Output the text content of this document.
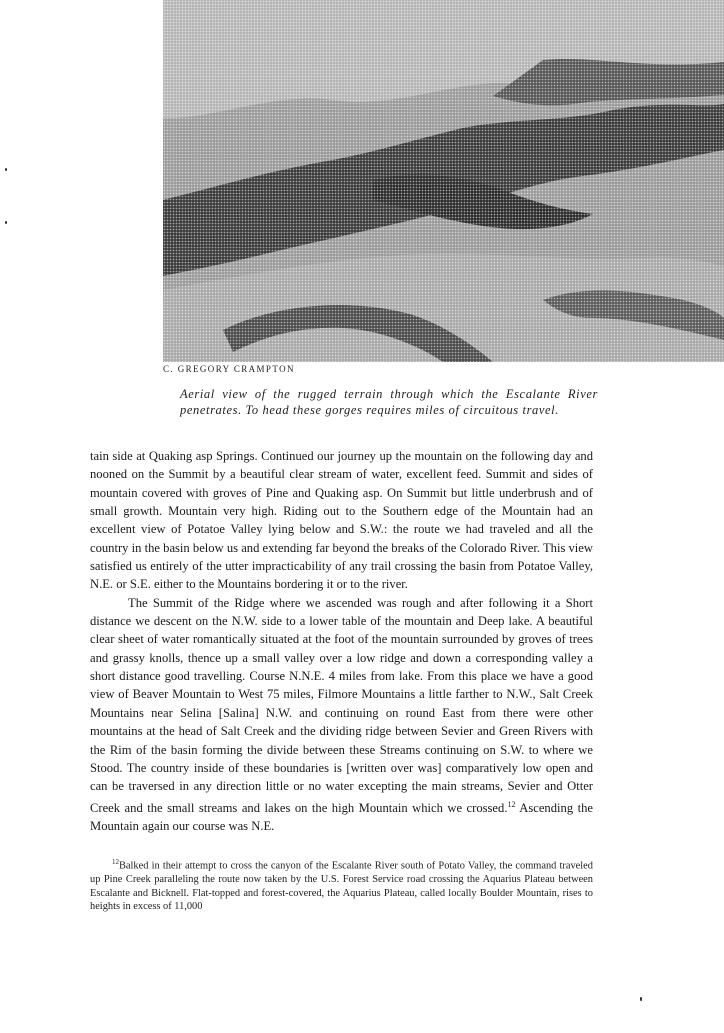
C. GREGORY CRAMPTON
Aerial view of the rugged terrain through which the Escalante River penetrates. To head these gorges requires miles of circuitous travel.

tain side at Quaking asp Springs. Continued our journey up the mountain on the following day and nooned on the Summit by a beautiful clear stream of water, excellent feed. Summit and sides of mountain covered with groves of Pine and Quaking asp. On Summit but little underbrush and of small growth. Mountain very high. Riding out to the Southern edge of the Mountain had an excellent view of Potatoe Valley lying below and S.W.: the route we had traveled and all the country in the basin below us and extending far beyond the breaks of the Colorado River. This view satisfied us entirely of the utter impracticability of any trail crossing the basin from Potatoe Valley, N.E. or S.E. either to the Mountains bordering it or to the river.

The Summit of the Ridge where we ascended was rough and after following it a Short distance we descent on the N.W. side to a lower table of the mountain and Deep lake. A beautiful clear sheet of water romantically situated at the foot of the mountain surrounded by groves of trees and grassy knolls, thence up a small valley over a low ridge and down a corresponding valley a short distance good travelling. Course N.N.E. 4 miles from lake. From this place we have a good view of Beaver Mountain to West 75 miles, Filmore Mountains a little farther to N.W., Salt Creek Mountains near Selina [Salina] N.W. and continuing on round East from there were other mountains at the head of Salt Creek and the dividing ridge between Sevier and Green Rivers with the Rim of the basin forming the divide between these Streams continuing on S.W. to where we Stood. The country inside of these boundaries is [written over was] comparatively low open and can be traversed in any direction little or no water excepting the main streams, Sevier and Otter Creek and the small streams and lakes on the high Mountain which we crossed.$^{12}$ Ascending the Mountain again our course was N.E.

$^{12}$Balked in their attempt to cross the canyon of the Escalante River south of Potato Valley, the command traveled up Pine Creek paralleling the route now taken by the U.S. Forest Service road crossing the Aquarius Plateau between Escalante and Bicknell. Flat-topped and forest-covered, the Aquarius Plateau, called locally Boulder Mountain, rises to heights in excess of 11,000
